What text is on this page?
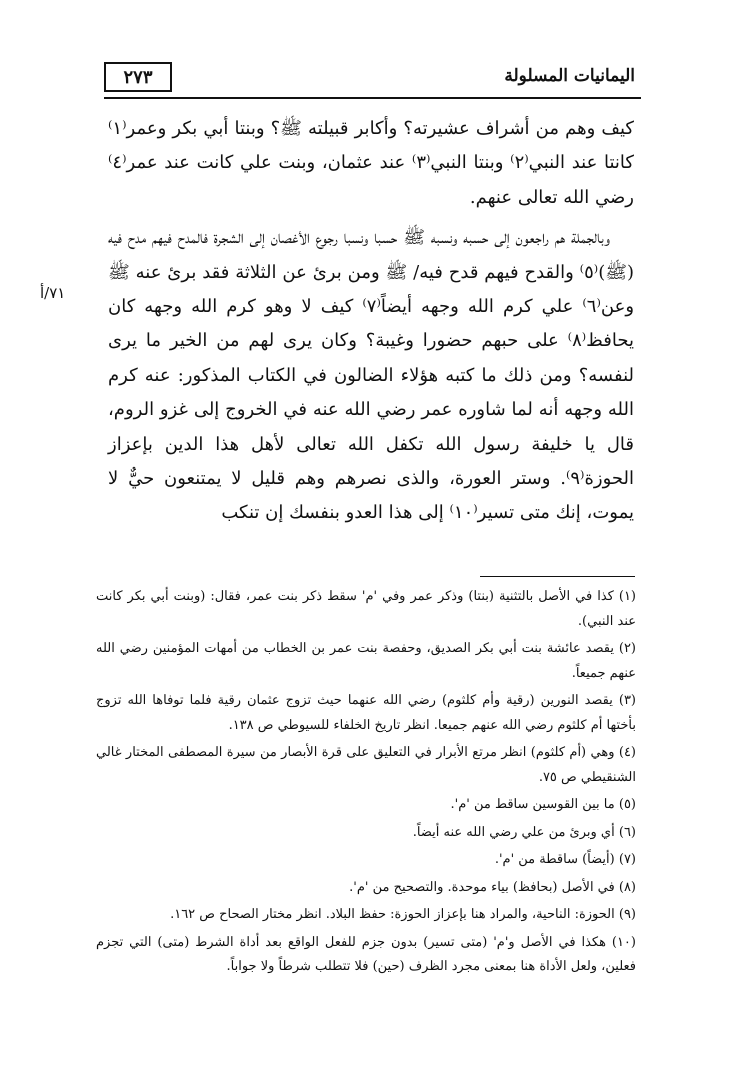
٢٧٣	اليمانيات المسلولة
٧١/أ

كيف وهم من أشراف عشيرته؟ وأكابر قبيلته ﷺ؟ وبنتا أبي بكر وعمر⁽١⁾ كانتا عند النبي⁽٢⁾ وبنتا النبي⁽٣⁾ عند عثمان، وبنت علي كانت عند عمر⁽٤⁾ رضي الله تعالى عنهم.

وبالجملة هم راجعون إلى حسبه ونسبه ﷺ حسبا ونسبا رجوع الأغصان إلى الشجرة فالمدح فيهم مدح فيه (ﷺ)⁽٥⁾ والقدح فيهم قدح فيه/ ﷺ ومن برئ عن الثلاثة فقد برئ عنه ﷺ وعن⁽٦⁾ علي كرم الله وجهه أيضاً⁽٧⁾ كيف لا وهو كرم الله وجهه كان يحافظ⁽٨⁾ على حبهم حضورا وغيبة؟ وكان يرى لهم من الخير ما يرى لنفسه؟ ومن ذلك ما كتبه هؤلاء الضالون في الكتاب المذكور: عنه كرم الله وجهه أنه لما شاوره عمر رضي الله عنه في الخروج إلى غزو الروم، قال يا خليفة رسول الله تكفل الله تعالى لأهل هذا الدين بإعزاز الحوزة⁽٩⁾. وستر العورة، والذى نصرهم وهم قليل لا يمتنعون حيٌّ لا يموت، إنك متى تسير⁽١٠⁾ إلى هذا العدو بنفسك إن تنكب

(١) كذا في الأصل بالتثنية (بنتا) وذكر عمر وفي 'م' سقط ذكر بنت عمر، فقال: (وبنت أبي بكر كانت عند النبي).

(٢) يقصد عائشة بنت أبي بكر الصديق، وحفصة بنت عمر بن الخطاب من أمهات المؤمنين رضي الله عنهم جميعاً.

(٣) يقصد النورين (رقية وأم كلثوم) رضي الله عنهما حيث تزوج عثمان رقية فلما توفاها الله تزوج بأختها أم كلثوم رضي الله عنهم جميعا. انظر تاريخ الخلفاء للسيوطي ص ١٣٨.

(٤) وهي (أم كلثوم) انظر مرتع الأبرار في التعليق على قرة الأبصار من سيرة المصطفى المختار غالي الشنقيطي ص ٧٥.

(٥) ما بين القوسين ساقط من 'م'.

(٦) أي وبرئ من علي رضي الله عنه أيضاً.

(٧) (أيضاً) ساقطة من 'م'.

(٨) في الأصل (بحافظ) بياء موحدة. والتصحيح من 'م'.

(٩) الحوزة: الناحية، والمراد هنا بإعزاز الحوزة: حفظ البلاد. انظر مختار الصحاح ص ١٦٢.

(١٠) هكذا في الأصل و'م' (متى تسير) بدون جزم للفعل الواقع بعد أداة الشرط (متى) التي تجزم فعلين، ولعل الأداة هنا بمعنى مجرد الظرف (حين) فلا تتطلب شرطاً ولا جواباً.
